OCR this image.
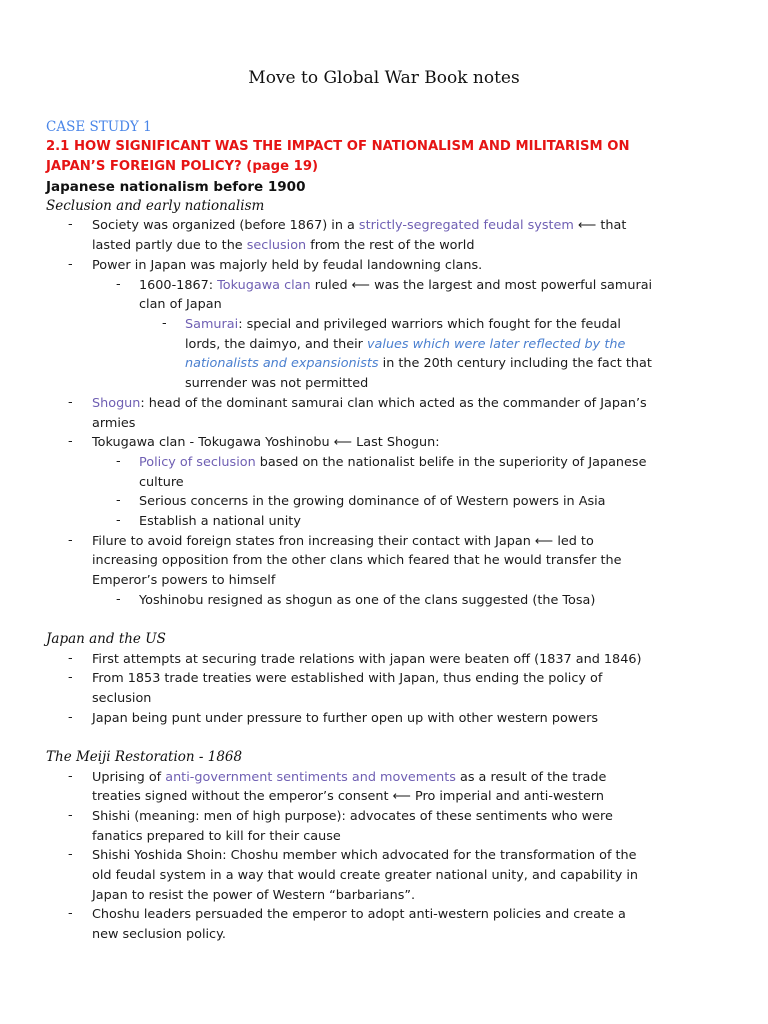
Move to Global War Book notes
CASE STUDY 1
2.1 HOW SIGNIFICANT WAS THE IMPACT OF NATIONALISM AND MILITARISM ON
JAPAN’S FOREIGN POLICY? (page 19)
Japanese nationalism before 1900
Seclusion and early nationalism
- Society was organized (before 1867) in a strictly-segregated feudal system ⟵ that
lasted partly due to the seclusion from the rest of the world
- Power in Japan was majorly held by feudal landowning clans.
- 1600-1867: Tokugawa clan ruled ⟵ was the largest and most powerful samurai
clan of Japan
- Samurai: special and privileged warriors which fought for the feudal
lords, the daimyo, and their values which were later reflected by the
nationalists and expansionists in the 20th century including the fact that
surrender was not permitted
- Shogun: head of the dominant samurai clan which acted as the commander of Japan’s
armies
- Tokugawa clan - Tokugawa Yoshinobu ⟵ Last Shogun:
- Policy of seclusion based on the nationalist belife in the superiority of Japanese
culture
- Serious concerns in the growing dominance of of Western powers in Asia
- Establish a national unity
- Filure to avoid foreign states fron increasing their contact with Japan ⟵ led to
increasing opposition from the other clans which feared that he would transfer the
Emperor’s powers to himself
- Yoshinobu resigned as shogun as one of the clans suggested (the Tosa)
Japan and the US
- First attempts at securing trade relations with japan were beaten off (1837 and 1846)
- From 1853 trade treaties were established with Japan, thus ending the policy of
seclusion
- Japan being punt under pressure to further open up with other western powers
The Meiji Restoration - 1868
- Uprising of anti-government sentiments and movements as a result of the trade
treaties signed without the emperor’s consent ⟵ Pro imperial and anti-western
- Shishi (meaning: men of high purpose): advocates of these sentiments who were
fanatics prepared to kill for their cause
- Shishi Yoshida Shoin: Choshu member which advocated for the transformation of the
old feudal system in a way that would create greater national unity, and capability in
Japan to resist the power of Western “barbarians”.
- Choshu leaders persuaded the emperor to adopt anti-western policies and create a
new seclusion policy.
